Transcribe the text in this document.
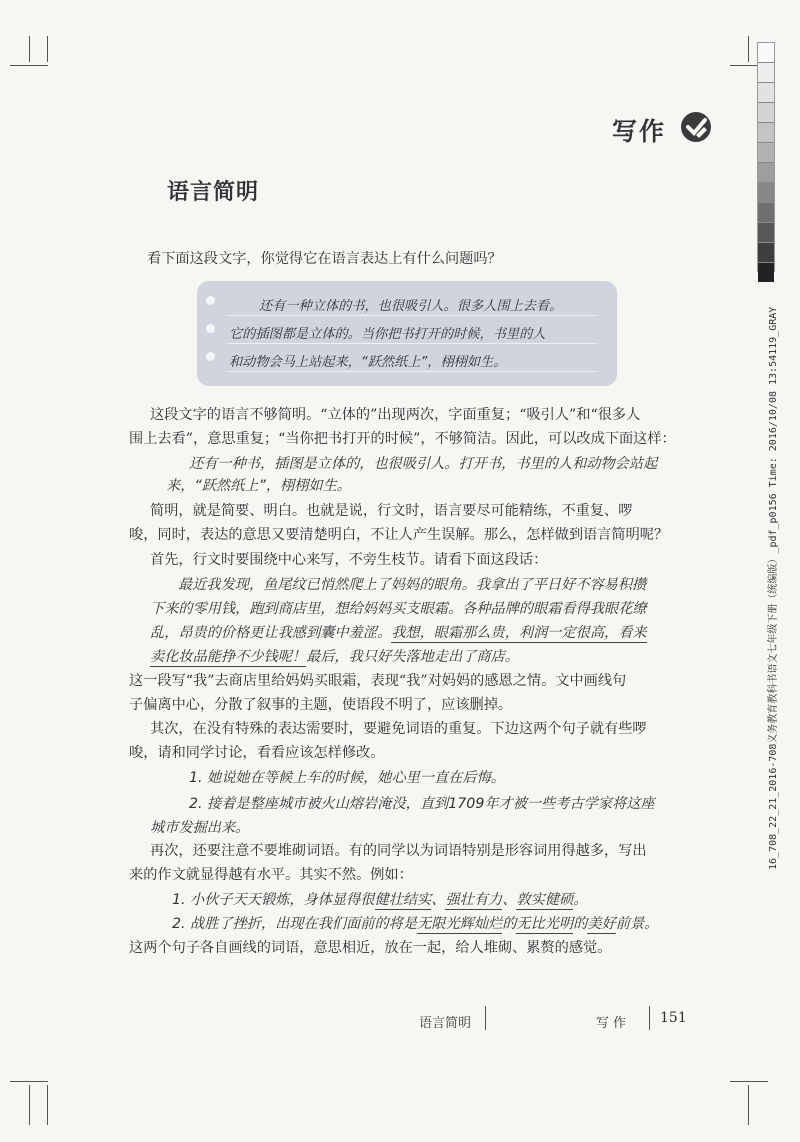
16_708_22_21_2016-708义务教育教科书语文七年级下册（统编版）_pdf_p0156 Time: 2016/10/08 13:54119_GRAY
写作
语言简明
看下面这段文字，你觉得它在语言表达上有什么问题吗？
还有一种立体的书，也很吸引人。很多人围上去看。
它的插图都是立体的。当你把书打开的时候，书里的人
和动物会马上站起来，“跃然纸上”，栩栩如生。
这段文字的语言不够简明。“立体的”出现两次，字面重复；“吸引人”和“很多人
围上去看”，意思重复；“当你把书打开的时候”，不够简洁。因此，可以改成下面这样：
还有一种书，插图是立体的，也很吸引人。打开书，书里的人和动物会站起
来，“跃然纸上”，栩栩如生。
简明，就是简要、明白。也就是说，行文时，语言要尽可能精练，不重复、啰
唆，同时，表达的意思又要清楚明白，不让人产生误解。那么，怎样做到语言简明呢？
首先，行文时要围绕中心来写，不旁生枝节。请看下面这段话：
最近我发现，鱼尾纹已悄然爬上了妈妈的眼角。我拿出了平日好不容易积攒
下来的零用钱，跑到商店里，想给妈妈买支眼霜。各种品牌的眼霜看得我眼花缭
乱，昂贵的价格更让我感到囊中羞涩。我想，眼霜那么贵，利润一定很高，看来
卖化妆品能挣不少钱呢！最后，我只好失落地走出了商店。
这一段写“我”去商店里给妈妈买眼霜，表现“我”对妈妈的感恩之情。文中画线句
子偏离中心，分散了叙事的主题，使语段不明了，应该删掉。
其次，在没有特殊的表达需要时，要避免词语的重复。下边这两个句子就有些啰
唆，请和同学讨论，看看应该怎样修改。
1. 她说她在等候上车的时候，她心里一直在后悔。
2. 接着是整座城市被火山熔岩淹没，直到1709年才被一些考古学家将这座
城市发掘出来。
再次，还要注意不要堆砌词语。有的同学以为词语特别是形容词用得越多，写出
来的作文就显得越有水平。其实不然。例如：
1. 小伙子天天锻炼，身体显得很健壮结实、强壮有力、敦实健硕。
2. 战胜了挫折，出现在我们面前的将是无限光辉灿烂的无比光明的美好前景。
这两个句子各自画线的词语，意思相近，放在一起，给人堆砌、累赘的感觉。
语言简明	写作 151
